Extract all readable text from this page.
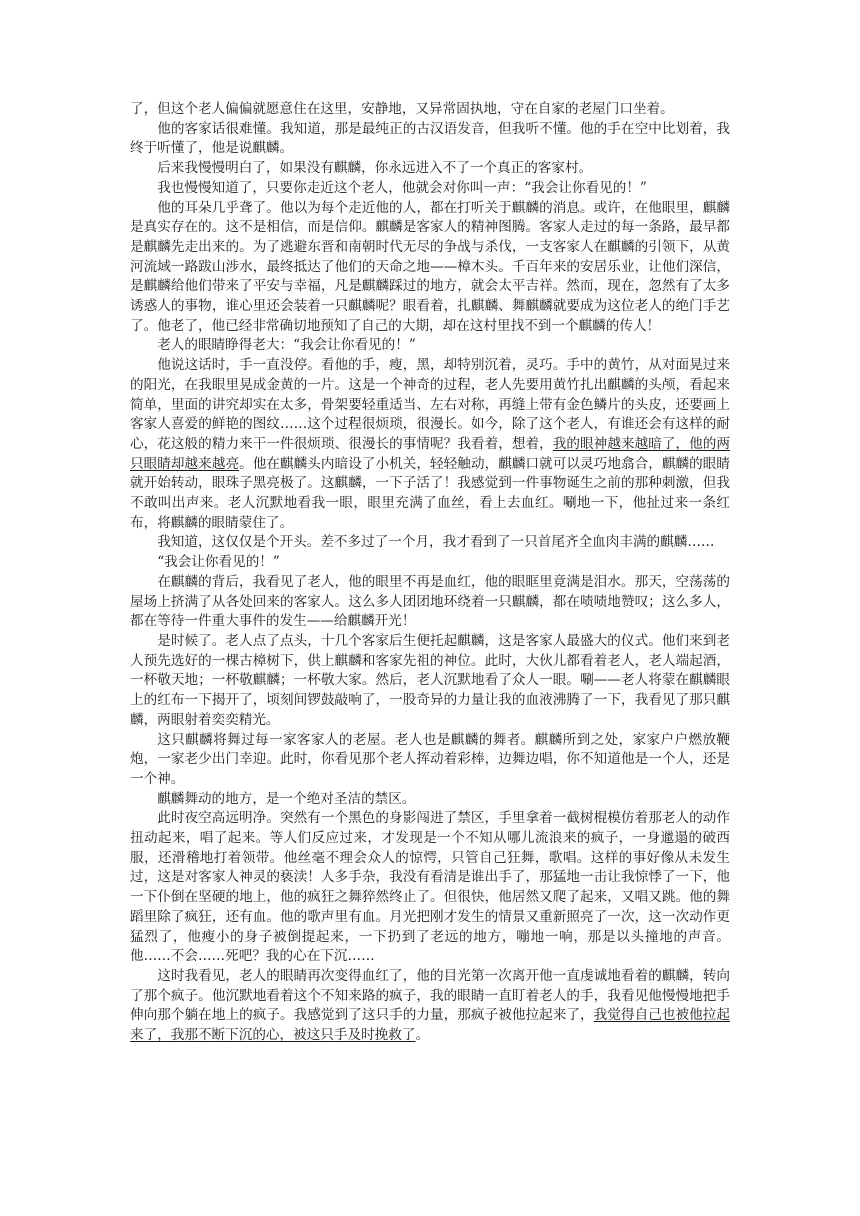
了，但这个老人偏偏就愿意住在这里，安静地，又异常固执地，守在自家的老屋门口坐着。

他的客家话很难懂。我知道，那是最纯正的古汉语发音，但我听不懂。他的手在空中比划着，我终于听懂了，他是说麒麟。

后来我慢慢明白了，如果没有麒麟，你永远进入不了一个真正的客家村。

我也慢慢知道了，只要你走近这个老人，他就会对你叫一声：“我会让你看见的！”

他的耳朵几乎聋了。他以为每个走近他的人，都在打听关于麒麟的消息。或许，在他眼里，麒麟是真实存在的。这不是相信，而是信仰。麒麟是客家人的精神图腾。客家人走过的每一条路，最早都是麒麟先走出来的。为了逃避东晋和南朝时代无尽的争战与杀伐，一支客家人在麒麟的引领下，从黄河流域一路跋山涉水，最终抵达了他们的天命之地——樟木头。千百年来的安居乐业，让他们深信，是麒麟给他们带来了平安与幸福，凡是麒麟踩过的地方，就会太平吉祥。然而，现在，忽然有了太多诱惑人的事物，谁心里还会装着一只麒麟呢？眼看着，扎麒麟、舞麒麟就要成为这位老人的绝门手艺了。他老了，他已经非常确切地预知了自己的大期，却在这村里找不到一个麒麟的传人！

老人的眼睛睁得老大：“我会让你看见的！”

他说这话时，手一直没停。看他的手，瘦，黑，却特别沉着，灵巧。手中的黄竹，从对面晃过来的阳光，在我眼里晃成金黄的一片。这是一个神奇的过程，老人先要用黄竹扎出麒麟的头颅，看起来简单，里面的讲究却实在太多，骨架要轻重适当、左右对称，再缝上带有金色鳞片的头皮，还要画上客家人喜爱的鲜艳的图纹……这个过程很烦琐，很漫长。如今，除了这个老人，有谁还会有这样的耐心，花这般的精力来干一件很烦琐、很漫长的事情呢？我看着，想着，我的眼神越来越暗了，他的两只眼睛却越来越亮。他在麒麟头内暗设了小机关，轻轻触动，麒麟口就可以灵巧地翕合，麒麟的眼睛就开始转动，眼珠子黑亮极了。这麒麟，一下子活了！我感觉到一件事物诞生之前的那种刺激，但我不敢叫出声来。老人沉默地看我一眼，眼里充满了血丝，看上去血红。唰地一下，他扯过来一条红布，将麒麟的眼睛蒙住了。

我知道，这仅仅是个开头。差不多过了一个月，我才看到了一只首尾齐全血肉丰满的麒麟……

“我会让你看见的！”

在麒麟的背后，我看见了老人，他的眼里不再是血红，他的眼眶里竟满是泪水。那天，空荡荡的屋场上挤满了从各处回来的客家人。这么多人团团地环绕着一只麒麟，都在啧啧地赞叹；这么多人，都在等待一件重大事件的发生——给麒麟开光！

是时候了。老人点了点头，十几个客家后生便托起麒麟，这是客家人最盛大的仪式。他们来到老人预先选好的一棵古樟树下，供上麒麟和客家先祖的神位。此时，大伙儿都看着老人，老人端起酒，一杯敬天地；一杯敬麒麟；一杯敬大家。然后，老人沉默地看了众人一眼。唰——老人将蒙在麒麟眼上的红布一下揭开了，顷刻间锣鼓敲响了，一股奇异的力量让我的血液沸腾了一下，我看见了那只麒麟，两眼射着奕奕精光。

这只麒麟将舞过每一家客家人的老屋。老人也是麒麟的舞者。麒麟所到之处，家家户户燃放鞭炮，一家老少出门幸迎。此时，你看见那个老人挥动着彩棒，边舞边唱，你不知道他是一个人，还是一个神。

麒麟舞动的地方，是一个绝对圣洁的禁区。

此时夜空高远明净。突然有一个黑色的身影闯进了禁区，手里拿着一截树棍模仿着那老人的动作扭动起来，唱了起来。等人们反应过来，才发现是一个不知从哪儿流浪来的疯子，一身邋遢的破西服，还滑稽地打着领带。他丝毫不理会众人的惊愕，只管自己狂舞，歌唱。这样的事好像从未发生过，这是对客家人神灵的亵渎！人多手杂，我没有看清是谁出手了，那猛地一击让我惊悸了一下，他一下仆倒在坚硬的地上，他的疯狂之舞猝然终止了。但很快，他居然又爬了起来，又唱又跳。他的舞蹈里除了疯狂，还有血。他的歌声里有血。月光把刚才发生的情景又重新照亮了一次，这一次动作更猛烈了，他瘦小的身子被倒提起来，一下扔到了老远的地方，嘣地一响，那是以头撞地的声音。他……不会……死吧？我的心在下沉……

这时我看见，老人的眼睛再次变得血红了，他的目光第一次离开他一直虔诚地看着的麒麟，转向了那个疯子。他沉默地看着这个不知来路的疯子，我的眼睛一直盯着老人的手，我看见他慢慢地把手伸向那个躺在地上的疯子。我感觉到了这只手的力量，那疯子被他拉起来了，我觉得自己也被他拉起来了，我那不断下沉的心，被这只手及时挽救了。
